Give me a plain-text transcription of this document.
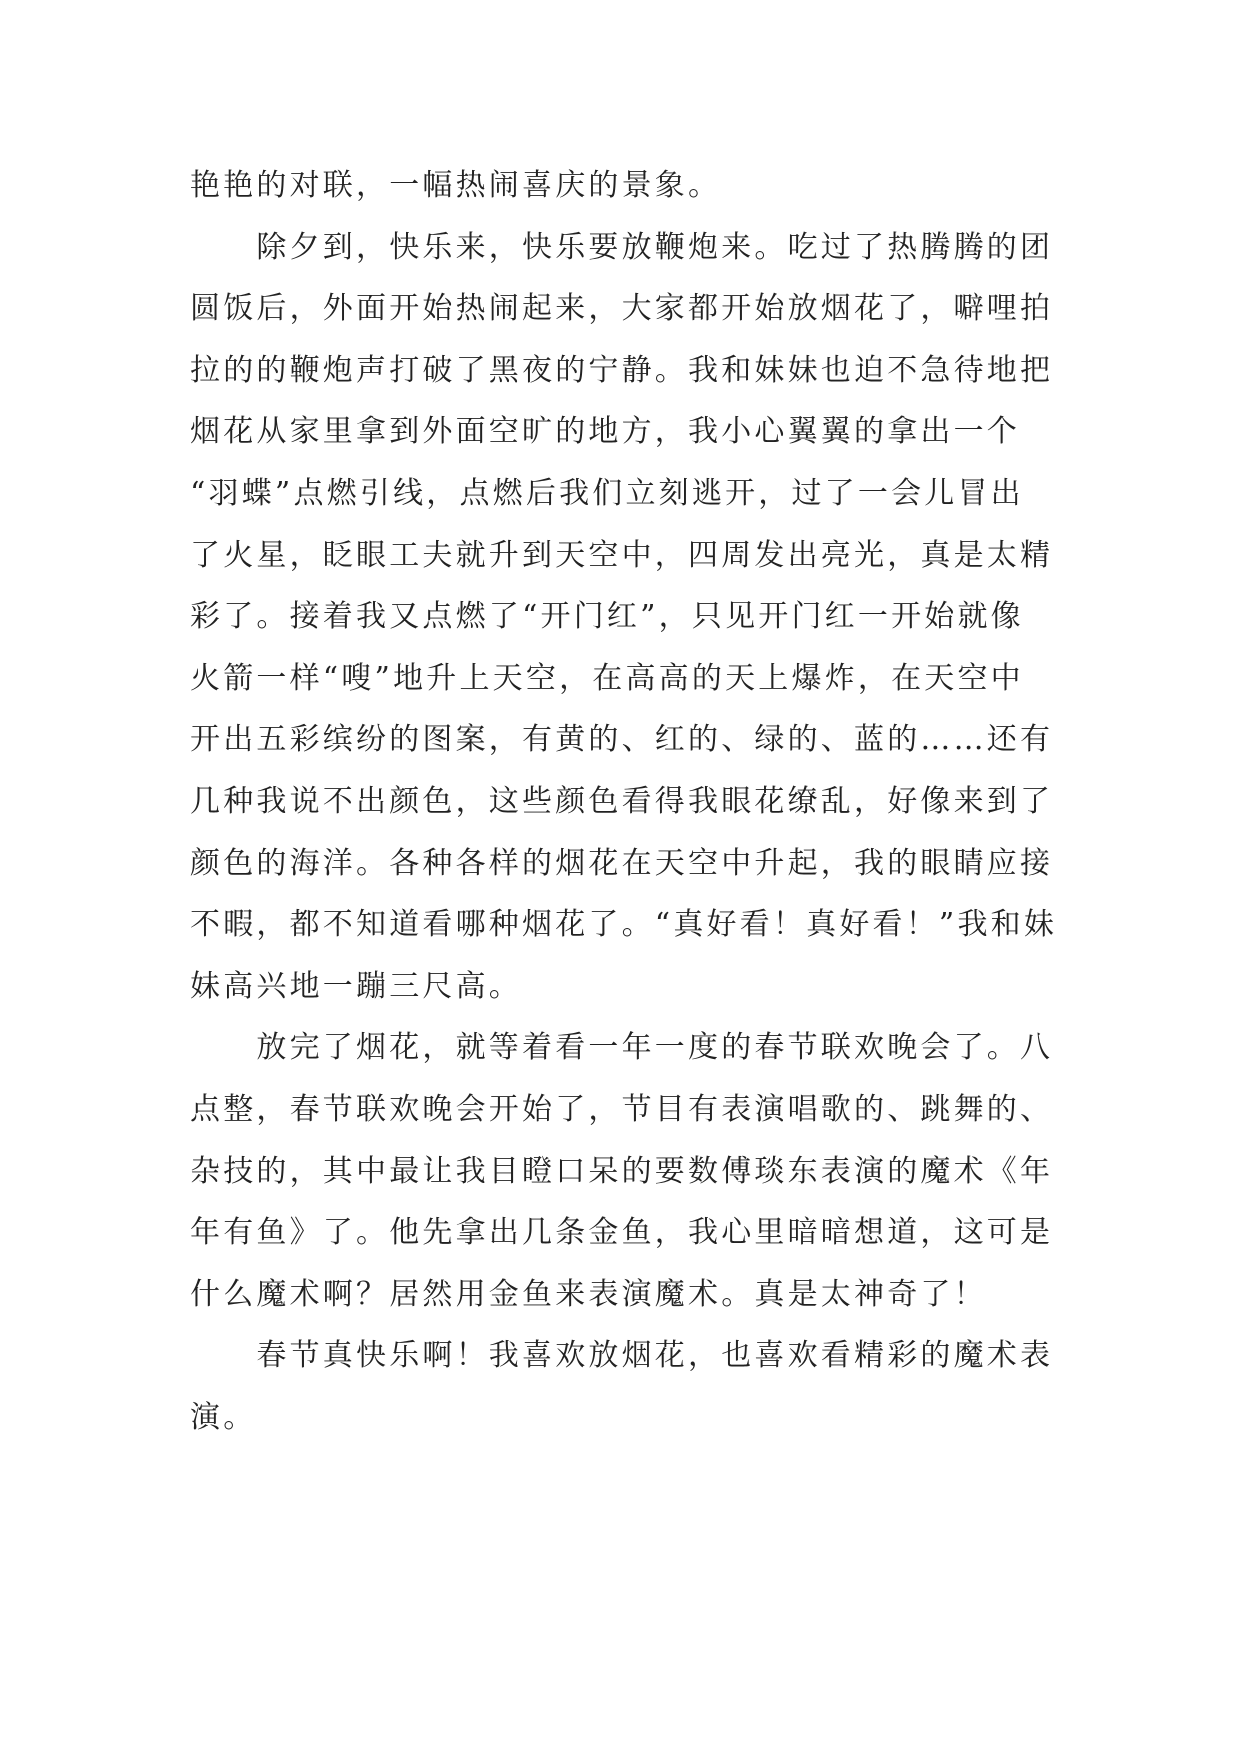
艳艳的对联，一幅热闹喜庆的景象。
　　除夕到，快乐来，快乐要放鞭炮来。吃过了热腾腾的团
圆饭后，外面开始热闹起来，大家都开始放烟花了，噼哩拍
拉的的鞭炮声打破了黑夜的宁静。我和妹妹也迫不急待地把
烟花从家里拿到外面空旷的地方，我小心翼翼的拿出一个
“羽蝶”点燃引线，点燃后我们立刻逃开，过了一会儿冒出
了火星，眨眼工夫就升到天空中，四周发出亮光，真是太精
彩了。接着我又点燃了“开门红”，只见开门红一开始就像
火箭一样“嗖”地升上天空，在高高的天上爆炸，在天空中
开出五彩缤纷的图案，有黄的、红的、绿的、蓝的……还有
几种我说不出颜色，这些颜色看得我眼花缭乱，好像来到了
颜色的海洋。各种各样的烟花在天空中升起，我的眼睛应接
不暇，都不知道看哪种烟花了。“真好看！真好看！”我和妹
妹高兴地一蹦三尺高。
　　放完了烟花，就等着看一年一度的春节联欢晚会了。八
点整，春节联欢晚会开始了，节目有表演唱歌的、跳舞的、
杂技的，其中最让我目瞪口呆的要数傅琰东表演的魔术《年
年有鱼》了。他先拿出几条金鱼，我心里暗暗想道，这可是
什么魔术啊？居然用金鱼来表演魔术。真是太神奇了！
　　春节真快乐啊！我喜欢放烟花，也喜欢看精彩的魔术表
演。
